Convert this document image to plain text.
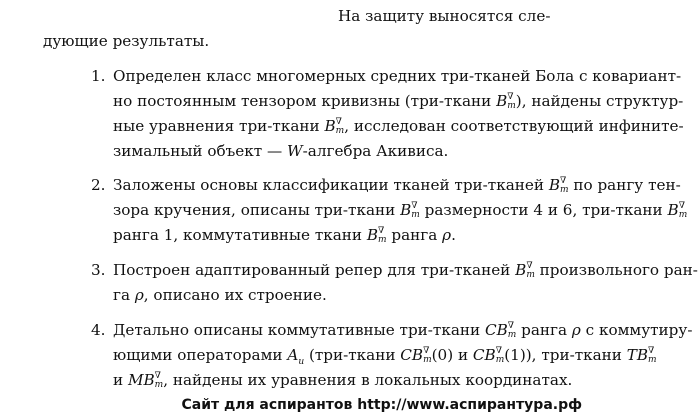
На защиту выносятся сле-
дующие результаты.
1. Определен класс многомерных средних три-тканей Бола с ковариант-
но постоянным тензором кривизны (три-ткани B ∇
m ), найдены структур-
ные уравнения три-ткани B ∇
m , исследован соответствующий инфините-
зимальный объект — W-алгебра Акивиса.
2. Заложены основы классификации тканей три-тканей B ∇
m по рангу тен-
зора кручения, описаны три-ткани B ∇
m размерности 4 и 6, три-ткани B ∇
m
ранга 1, коммутативные ткани B ∇
m ранга ρ.
3. Построен адаптированный репер для три-тканей B ∇
m произвольного ран-
га ρ, описано их строение.
4. Детально описаны коммутативные три-ткани CB ∇
m ранга ρ с коммутиру-
ющими операторами $A_u$ (три-ткани CB ∇
m (0) и CB ∇
m (1)), три-ткани TB ∇
m
и MB ∇
m , найдены их уравнения в локальных координатах.
Сайт для аспирантов http://www.аспирантура.рф
